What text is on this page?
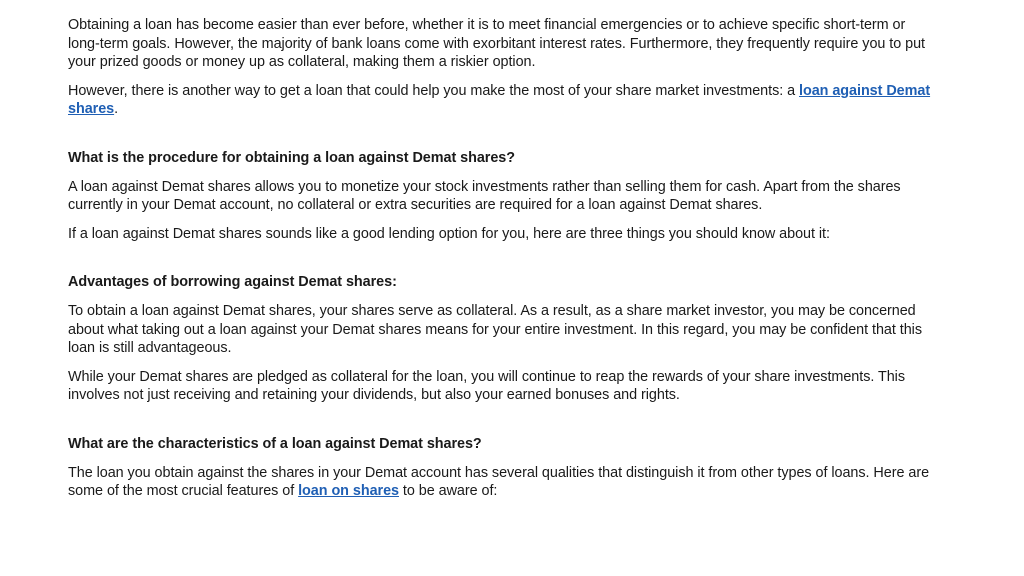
Obtaining a loan has become easier than ever before, whether it is to meet financial emergencies or to achieve specific short-term or long-term goals. However, the majority of bank loans come with exorbitant interest rates. Furthermore, they frequently require you to put your prized goods or money up as collateral, making them a riskier option.

However, there is another way to get a loan that could help you make the most of your share market investments: a loan against Demat shares.

What is the procedure for obtaining a loan against Demat shares?

A loan against Demat shares allows you to monetize your stock investments rather than selling them for cash. Apart from the shares currently in your Demat account, no collateral or extra securities are required for a loan against Demat shares.

If a loan against Demat shares sounds like a good lending option for you, here are three things you should know about it:

Advantages of borrowing against Demat shares:

To obtain a loan against Demat shares, your shares serve as collateral. As a result, as a share market investor, you may be concerned about what taking out a loan against your Demat shares means for your entire investment. In this regard, you may be confident that this loan is still advantageous.

While your Demat shares are pledged as collateral for the loan, you will continue to reap the rewards of your share investments. This involves not just receiving and retaining your dividends, but also your earned bonuses and rights.

What are the characteristics of a loan against Demat shares?

The loan you obtain against the shares in your Demat account has several qualities that distinguish it from other types of loans. Here are some of the most crucial features of loan on shares to be aware of:
